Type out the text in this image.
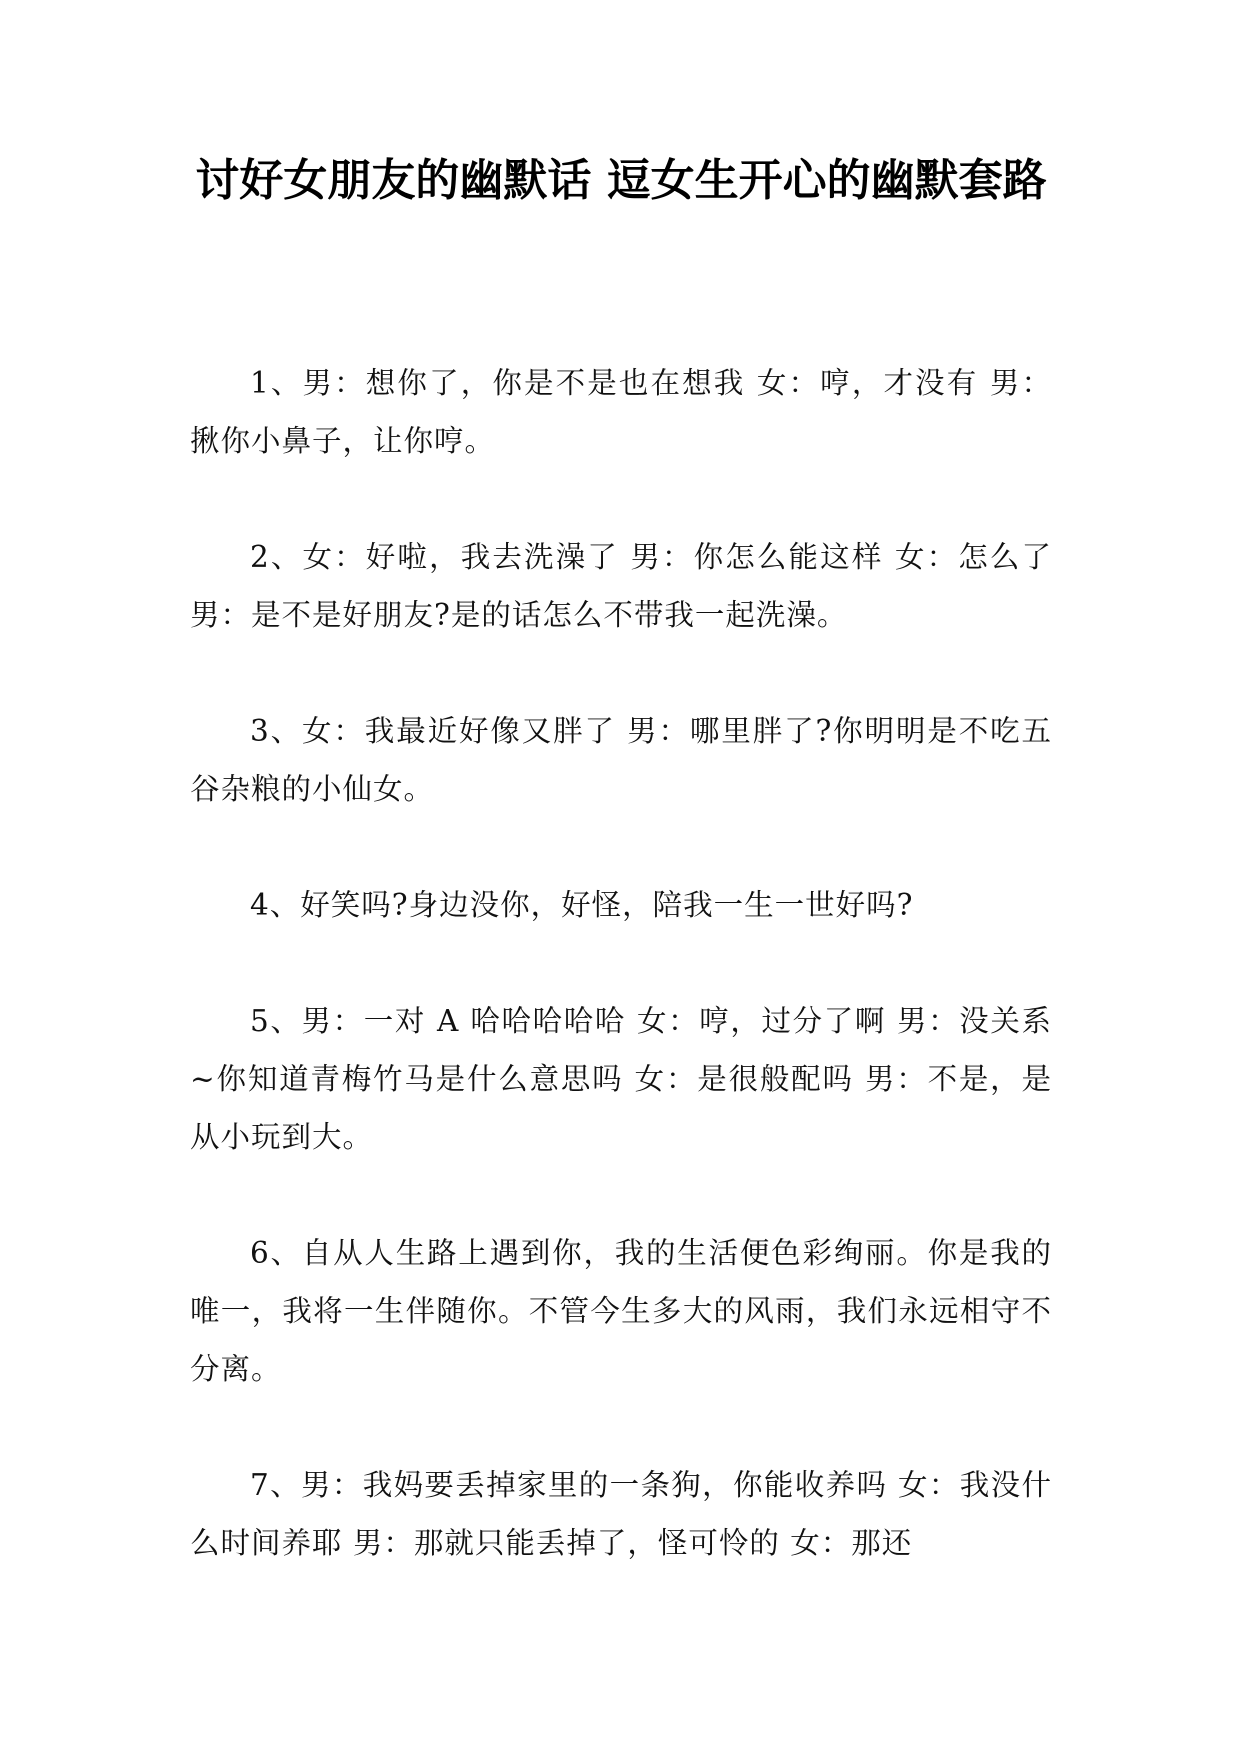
讨好女朋友的幽默话 逗女生开心的幽默套路

1、男：想你了，你是不是也在想我 女：哼，才没有 男：揪你小鼻子，让你哼。

2、女：好啦，我去洗澡了 男：你怎么能这样 女：怎么了 男：是不是好朋友?是的话怎么不带我一起洗澡。

3、女：我最近好像又胖了 男：哪里胖了?你明明是不吃五谷杂粮的小仙女。

4、好笑吗?身边没你，好怪，陪我一生一世好吗?

5、男：一对 A 哈哈哈哈哈 女：哼，过分了啊 男：没关系~你知道青梅竹马是什么意思吗 女：是很般配吗 男：不是，是从小玩到大。

6、自从人生路上遇到你，我的生活便色彩绚丽。你是我的唯一，我将一生伴随你。不管今生多大的风雨，我们永远相守不分离。

7、男：我妈要丢掉家里的一条狗，你能收养吗 女：我没什么时间养耶 男：那就只能丢掉了，怪可怜的 女：那还
